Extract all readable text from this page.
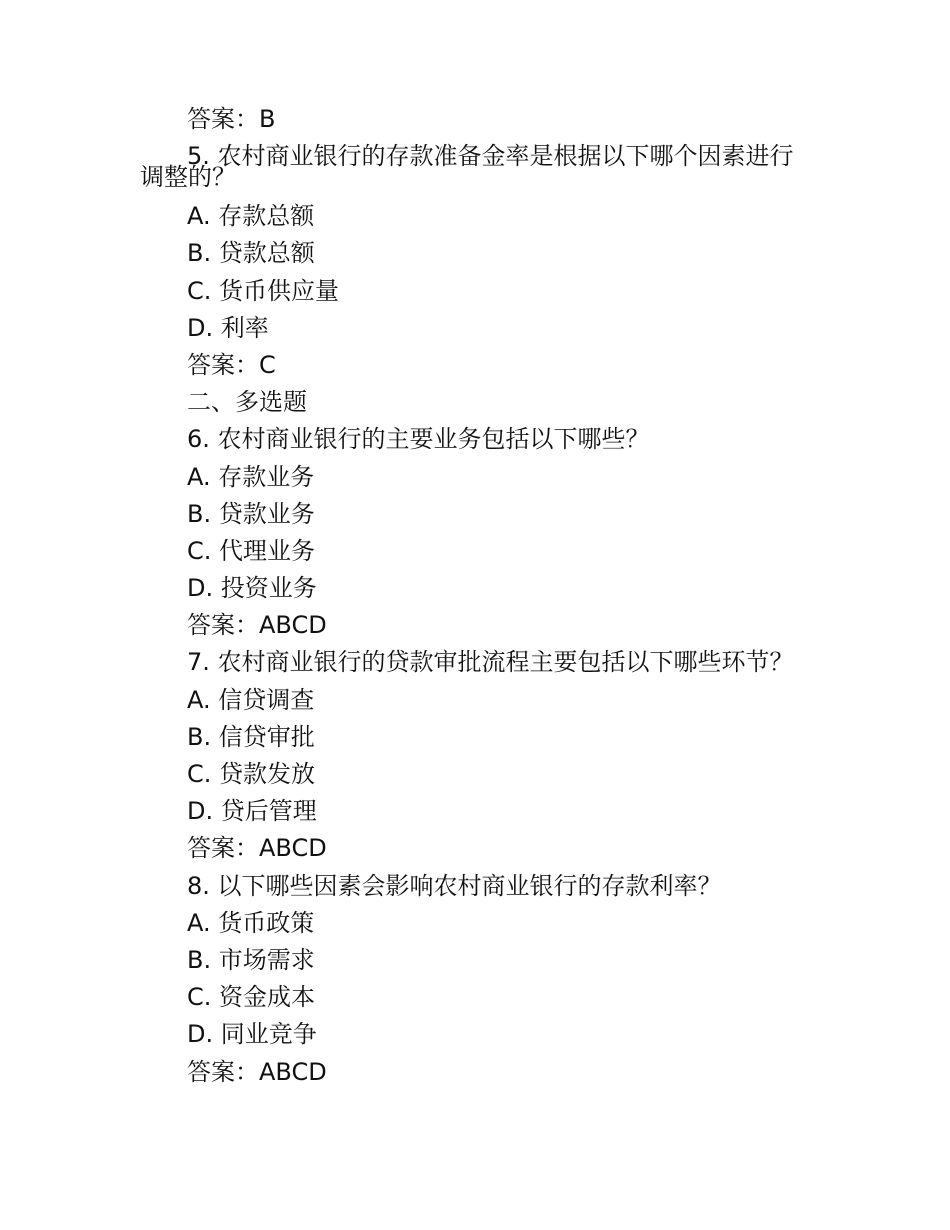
答案：B
5. 农村商业银行的存款准备金率是根据以下哪个因素进行
调整的？
A. 存款总额
B. 贷款总额
C. 货币供应量
D. 利率
答案：C
二、多选题
6. 农村商业银行的主要业务包括以下哪些？
A. 存款业务
B. 贷款业务
C. 代理业务
D. 投资业务
答案：ABCD
7. 农村商业银行的贷款审批流程主要包括以下哪些环节？
A. 信贷调查
B. 信贷审批
C. 贷款发放
D. 贷后管理
答案：ABCD
8. 以下哪些因素会影响农村商业银行的存款利率？
A. 货币政策
B. 市场需求
C. 资金成本
D. 同业竞争
答案：ABCD
